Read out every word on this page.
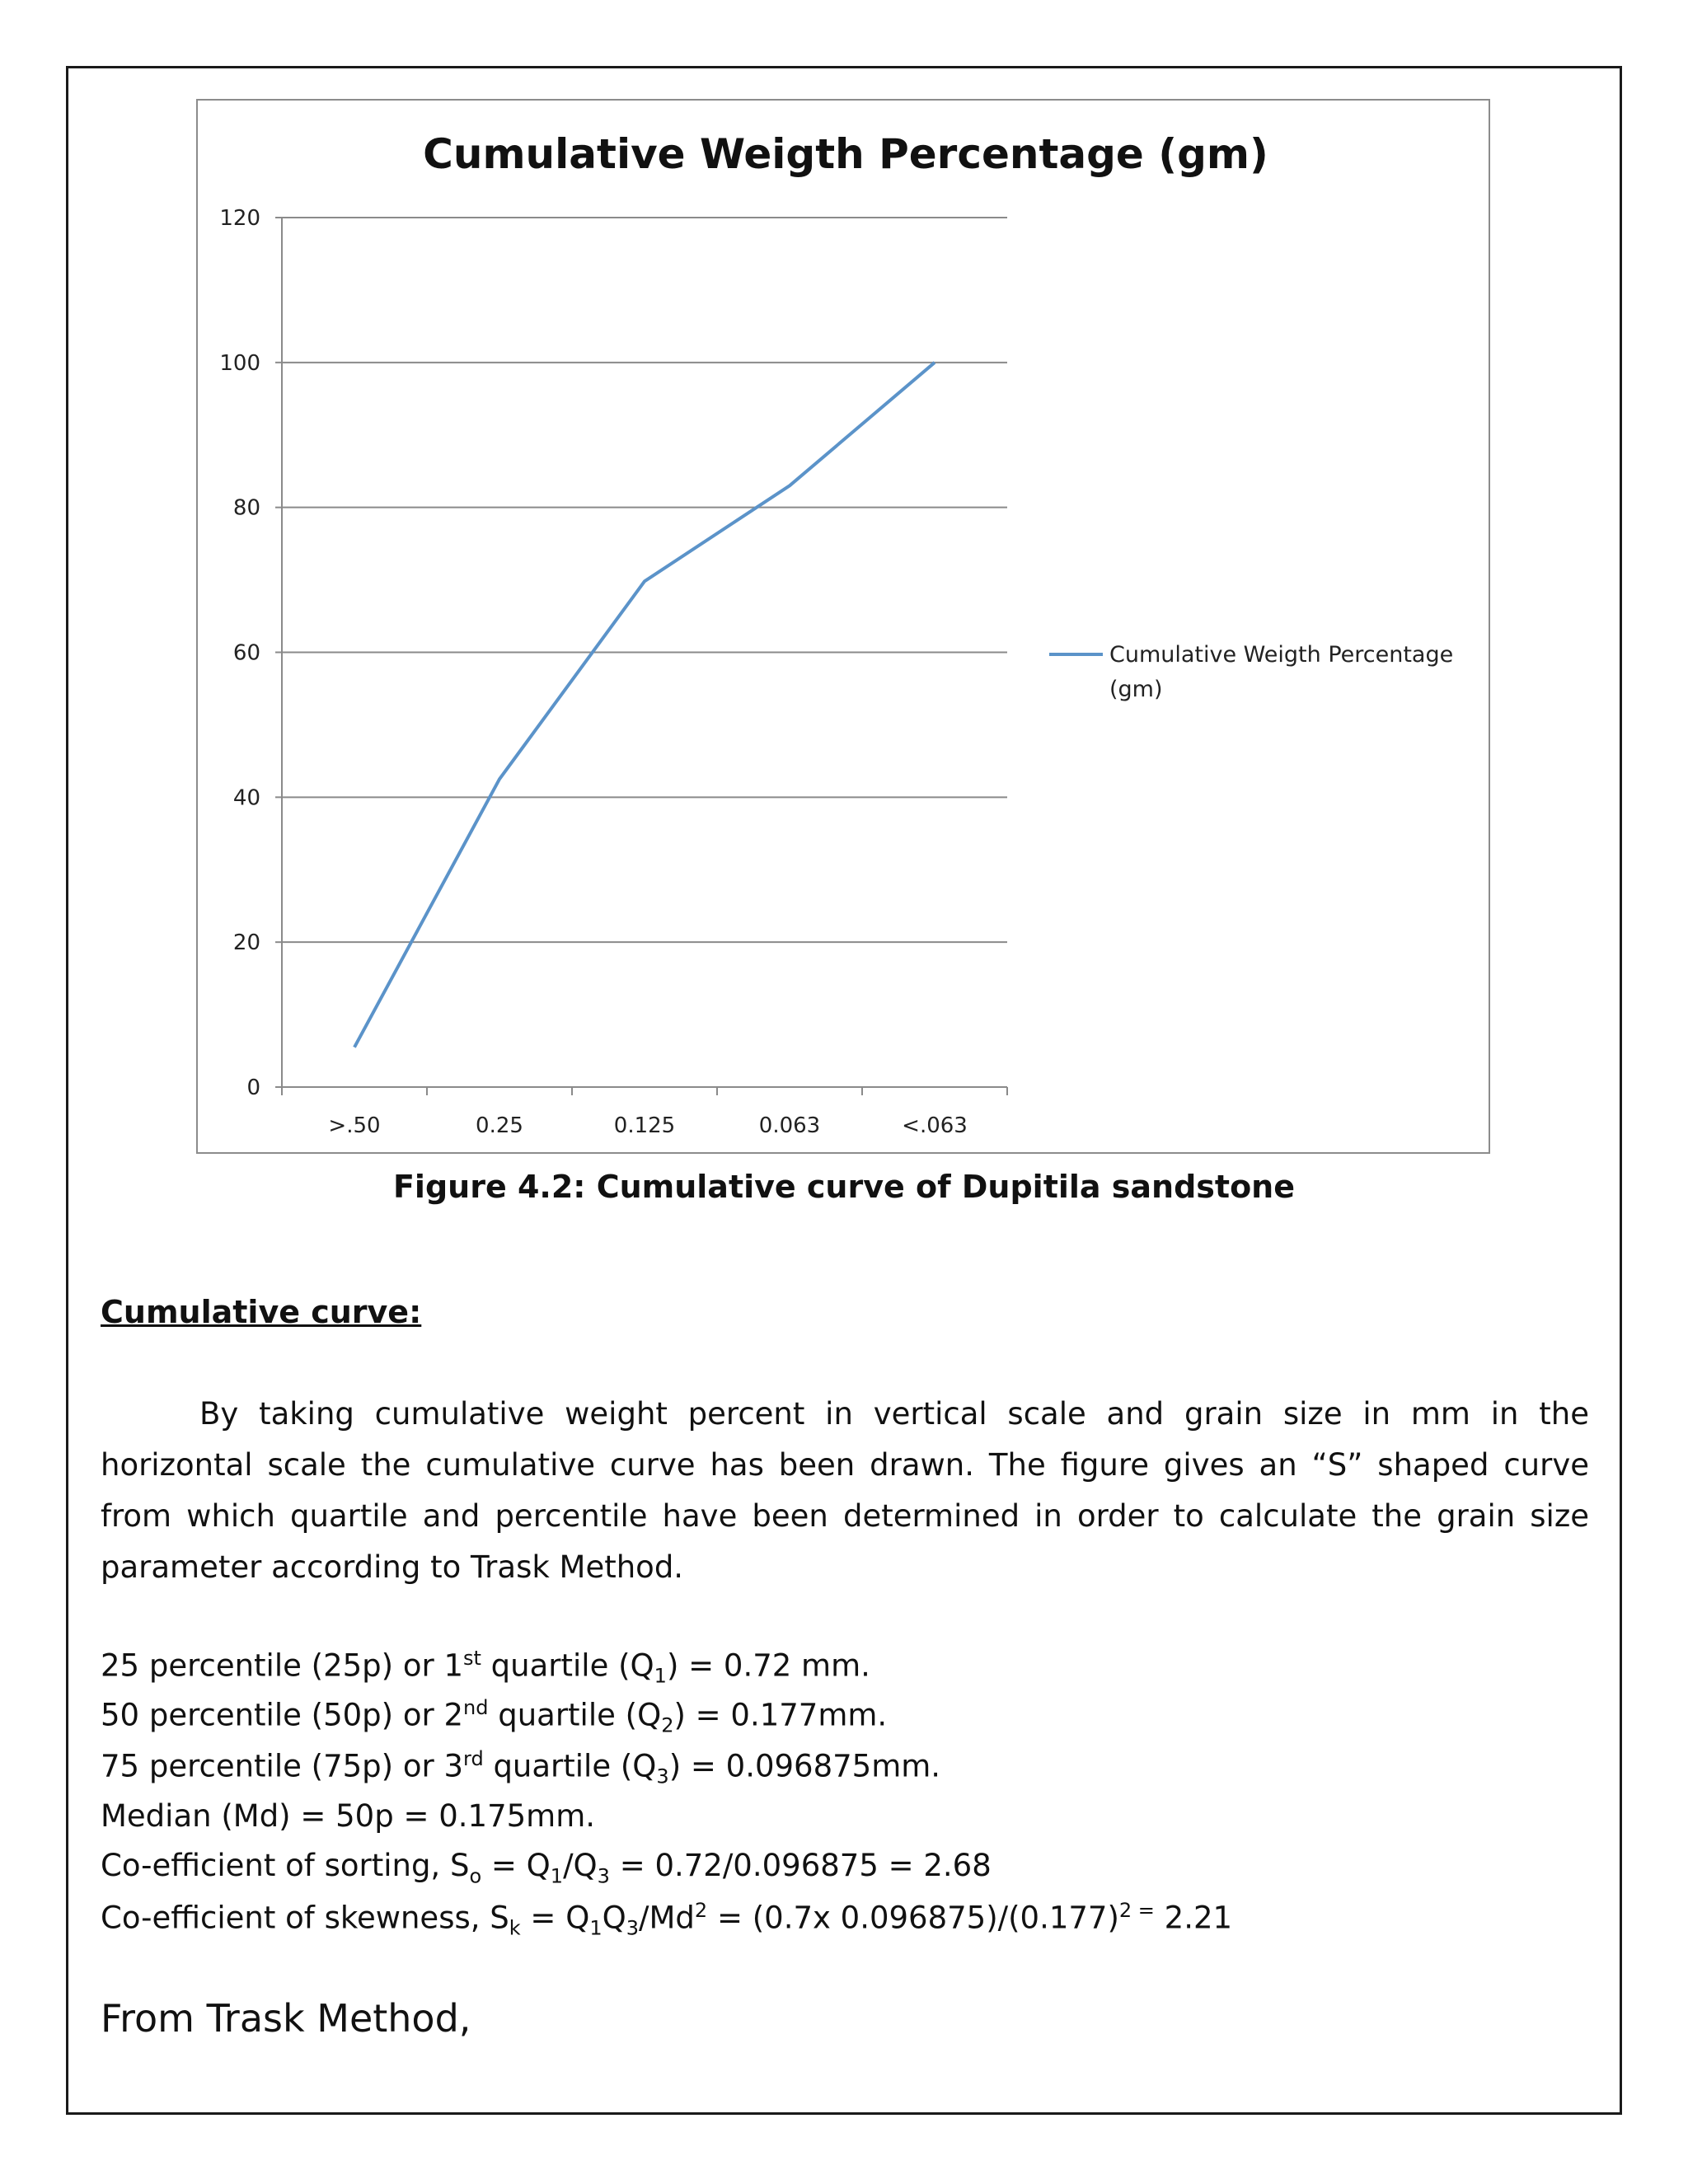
Cumulative Weigth Percentage (gm)
0
20
40
60
80
100
120
>.50	0.25	0.125	0.063	<.063
Cumulative Weigth Percentage
(gm)
Figure 4.2: Cumulative curve of Dupitila sandstone
Cumulative curve:
By taking cumulative weight percent in vertical scale and grain size in mm in the horizontal scale the cumulative curve has been drawn. The figure gives an “S” shaped curve from which quartile and percentile have been determined in order to calculate the grain size parameter according to Trask Method.
25 percentile (25p) or 1st quartile $(Q_1) = 0.72$ mm.
50 percentile (50p) or 2nd quartile $(Q_2) = 0.177mm$.
75 percentile (75p) or 3rd quartile $(Q_3) = 0.096875mm$.
Median (Md) = 50p = 0.175mm.
Co-efficient of sorting, $S_o = Q_1/Q_3 = 0.72/0.096875 = 2.68$
Co-efficient of skewness, $S_k = Q_1Q_3/Md^2 = (0.7x$ $0.096875)/(0.177)^{2 =}$ 2.21
From Trask Method,
